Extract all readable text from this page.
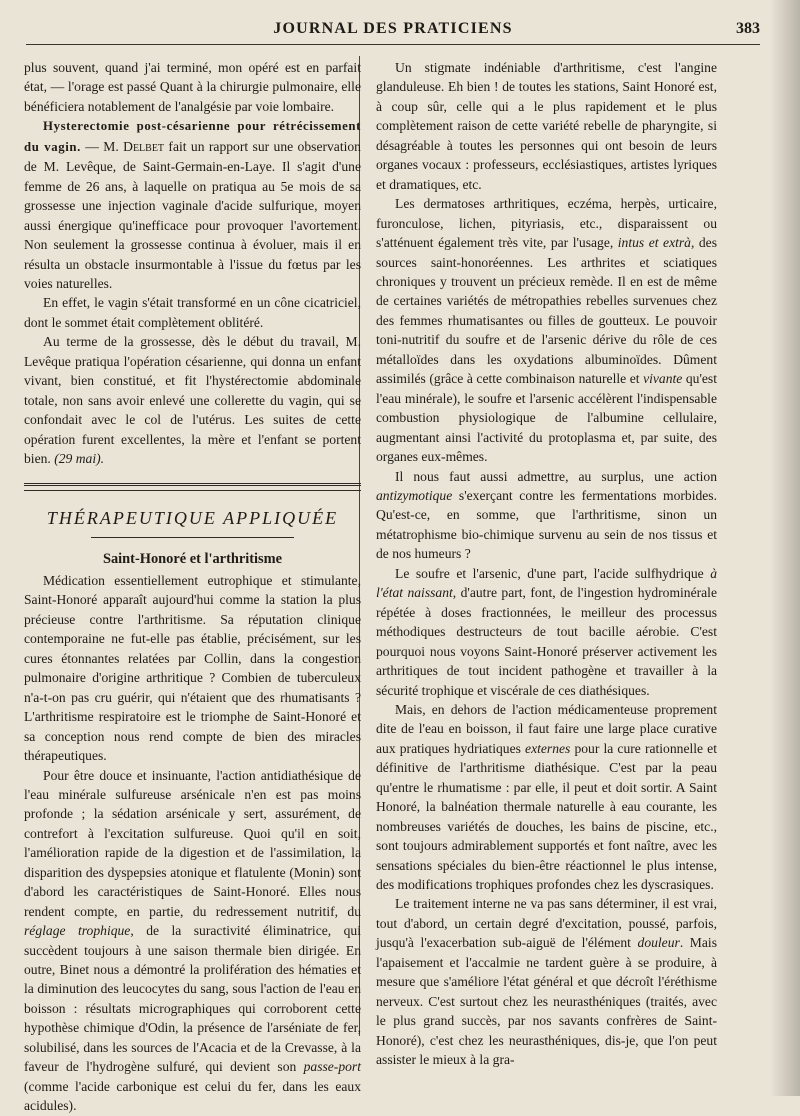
JOURNAL DES PRATICIENS	383

plus souvent, quand j'ai terminé, mon opéré est en parfait état, — l'orage est passé Quant à la chirurgie pulmonaire, elle bénéficiera notablement de l'analgésie par voie lombaire.

Hysterectomie post-césarienne pour rétrécissement du vagin. — M. Delbet fait un rapport sur une observation de M. Levêque, de Saint-Germain-en-Laye. Il s'agit d'une femme de 26 ans, à laquelle on pratiqua au 5e mois de sa grossesse une injection vaginale d'acide sulfurique, moyen aussi énergique qu'inefficace pour provoquer l'avortement. Non seulement la grossesse continua à évoluer, mais il en résulta un obstacle insurmontable à l'issue du fœtus par les voies naturelles.

En effet, le vagin s'était transformé en un cône cicatriciel, dont le sommet était complètement oblitéré.

Au terme de la grossesse, dès le début du travail, M. Levêque pratiqua l'opération césarienne, qui donna un enfant vivant, bien constitué, et fit l'hystérectomie abdominale totale, non sans avoir enlevé une collerette du vagin, qui se confondait avec le col de l'utérus. Les suites de cette opération furent excellentes, la mère et l'enfant se portent bien. (29 mai).

THÉRAPEUTIQUE APPLIQUÉE
Saint-Honoré et l'arthritisme

Médication essentiellement eutrophique et stimulante, Saint-Honoré apparaît aujourd'hui comme la station la plus précieuse contre l'arthritisme. Sa réputation clinique contemporaine ne fut-elle pas établie, précisément, sur les cures étonnantes relatées par Collin, dans la congestion pulmonaire d'origine arthritique ? Combien de tuberculeux n'a-t-on pas cru guérir, qui n'étaient que des rhumatisants ? L'arthritisme respiratoire est le triomphe de Saint-Honoré et sa conception nous rend compte de bien des miracles thérapeutiques.

Pour être douce et insinuante, l'action antidiathésique de l'eau minérale sulfureuse arsénicale n'en est pas moins profonde ; la sédation arsénicale y sert, assurément, de contrefort à l'excitation sulfureuse. Quoi qu'il en soit, l'amélioration rapide de la digestion et de l'assimilation, la disparition des dyspepsies atonique et flatulente (Monin) sont d'abord les caractéristiques de Saint-Honoré. Elles nous rendent compte, en partie, du redressement nutritif, du réglage trophique, de la suractivité éliminatrice, qui succèdent toujours à une saison thermale bien dirigée. En outre, Binet nous a démontré la prolifération des hématies et la diminution des leucocytes du sang, sous l'action de l'eau en boisson : résultats micrographiques qui corroborent cette hypothèse chimique d'Odin, la présence de l'arséniate de fer, solubilisé, dans les sources de l'Acacia et de la Crevasse, à la faveur de l'hydrogène sulfuré, qui devient son passe-port (comme l'acide carbonique est celui du fer, dans les eaux acidules).

Un stigmate indéniable d'arthritisme, c'est l'angine glanduleuse. Eh bien ! de toutes les stations, Saint Honoré est, à coup sûr, celle qui a le plus rapidement et le plus complètement raison de cette variété rebelle de pharyngite, si désagréable à toutes les personnes qui ont besoin de leurs organes vocaux : professeurs, ecclésiastiques, artistes lyriques et dramatiques, etc.

Les dermatoses arthritiques, eczéma, herpès, urticaire, furonculose, lichen, pityriasis, etc., disparaissent ou s'atténuent également très vite, par l'usage, intus et extrà, des sources saint-honoréennes. Les arthrites et sciatiques chroniques y trouvent un précieux remède. Il en est de même de certaines variétés de métropathies rebelles survenues chez des femmes rhumatisantes ou filles de goutteux. Le pouvoir toni-nutritif du soufre et de l'arsenic dérive du rôle de ces métalloïdes dans les oxydations albuminoïdes. Dûment assimilés (grâce à cette combinaison naturelle et vivante qu'est l'eau minérale), le soufre et l'arsenic accélèrent l'indispensable combustion physiologique de l'albumine cellulaire, augmentant ainsi l'activité du protoplasma et, par suite, des organes eux-mêmes.

Il nous faut aussi admettre, au surplus, une action antizymotique s'exerçant contre les fermentations morbides. Qu'est-ce, en somme, que l'arthritisme, sinon un métatrophisme bio-chimique survenu au sein de nos tissus et de nos humeurs ?

Le soufre et l'arsenic, d'une part, l'acide sulfhydrique à l'état naissant, d'autre part, font, de l'ingestion hydrominérale répétée à doses fractionnées, le meilleur des processus méthodiques destructeurs de tout bacille aérobie. C'est pourquoi nous voyons Saint-Honoré préserver activement les arthritiques de tout incident pathogène et travailler à la sécurité trophique et viscérale de ces diathésiques.

Mais, en dehors de l'action médicamenteuse proprement dite de l'eau en boisson, il faut faire une large place curative aux pratiques hydriatiques externes pour la cure rationnelle et définitive de l'arthritisme diathésique. C'est par la peau qu'entre le rhumatisme : par elle, il peut et doit sortir. A Saint Honoré, la balnéation thermale naturelle à eau courante, les nombreuses variétés de douches, les bains de piscine, etc., sont toujours admirablement supportés et font naître, avec les sensations spéciales du bien-être réactionnel le plus intense, des modifications trophiques profondes chez les dyscrasiques.

Le traitement interne ne va pas sans déterminer, il est vrai, tout d'abord, un certain degré d'excitation, poussé, parfois, jusqu'à l'exacerbation sub-aiguë de l'élément douleur. Mais l'apaisement et l'accalmie ne tardent guère à se produire, à mesure que s'améliore l'état général et que décroît l'éréthisme nerveux. C'est surtout chez les neurasthéniques (traités, avec le plus grand succès, par nos savants confrères de Saint-Honoré), c'est chez les neurasthéniques, dis-je, que l'on peut assister le mieux à la gra-
